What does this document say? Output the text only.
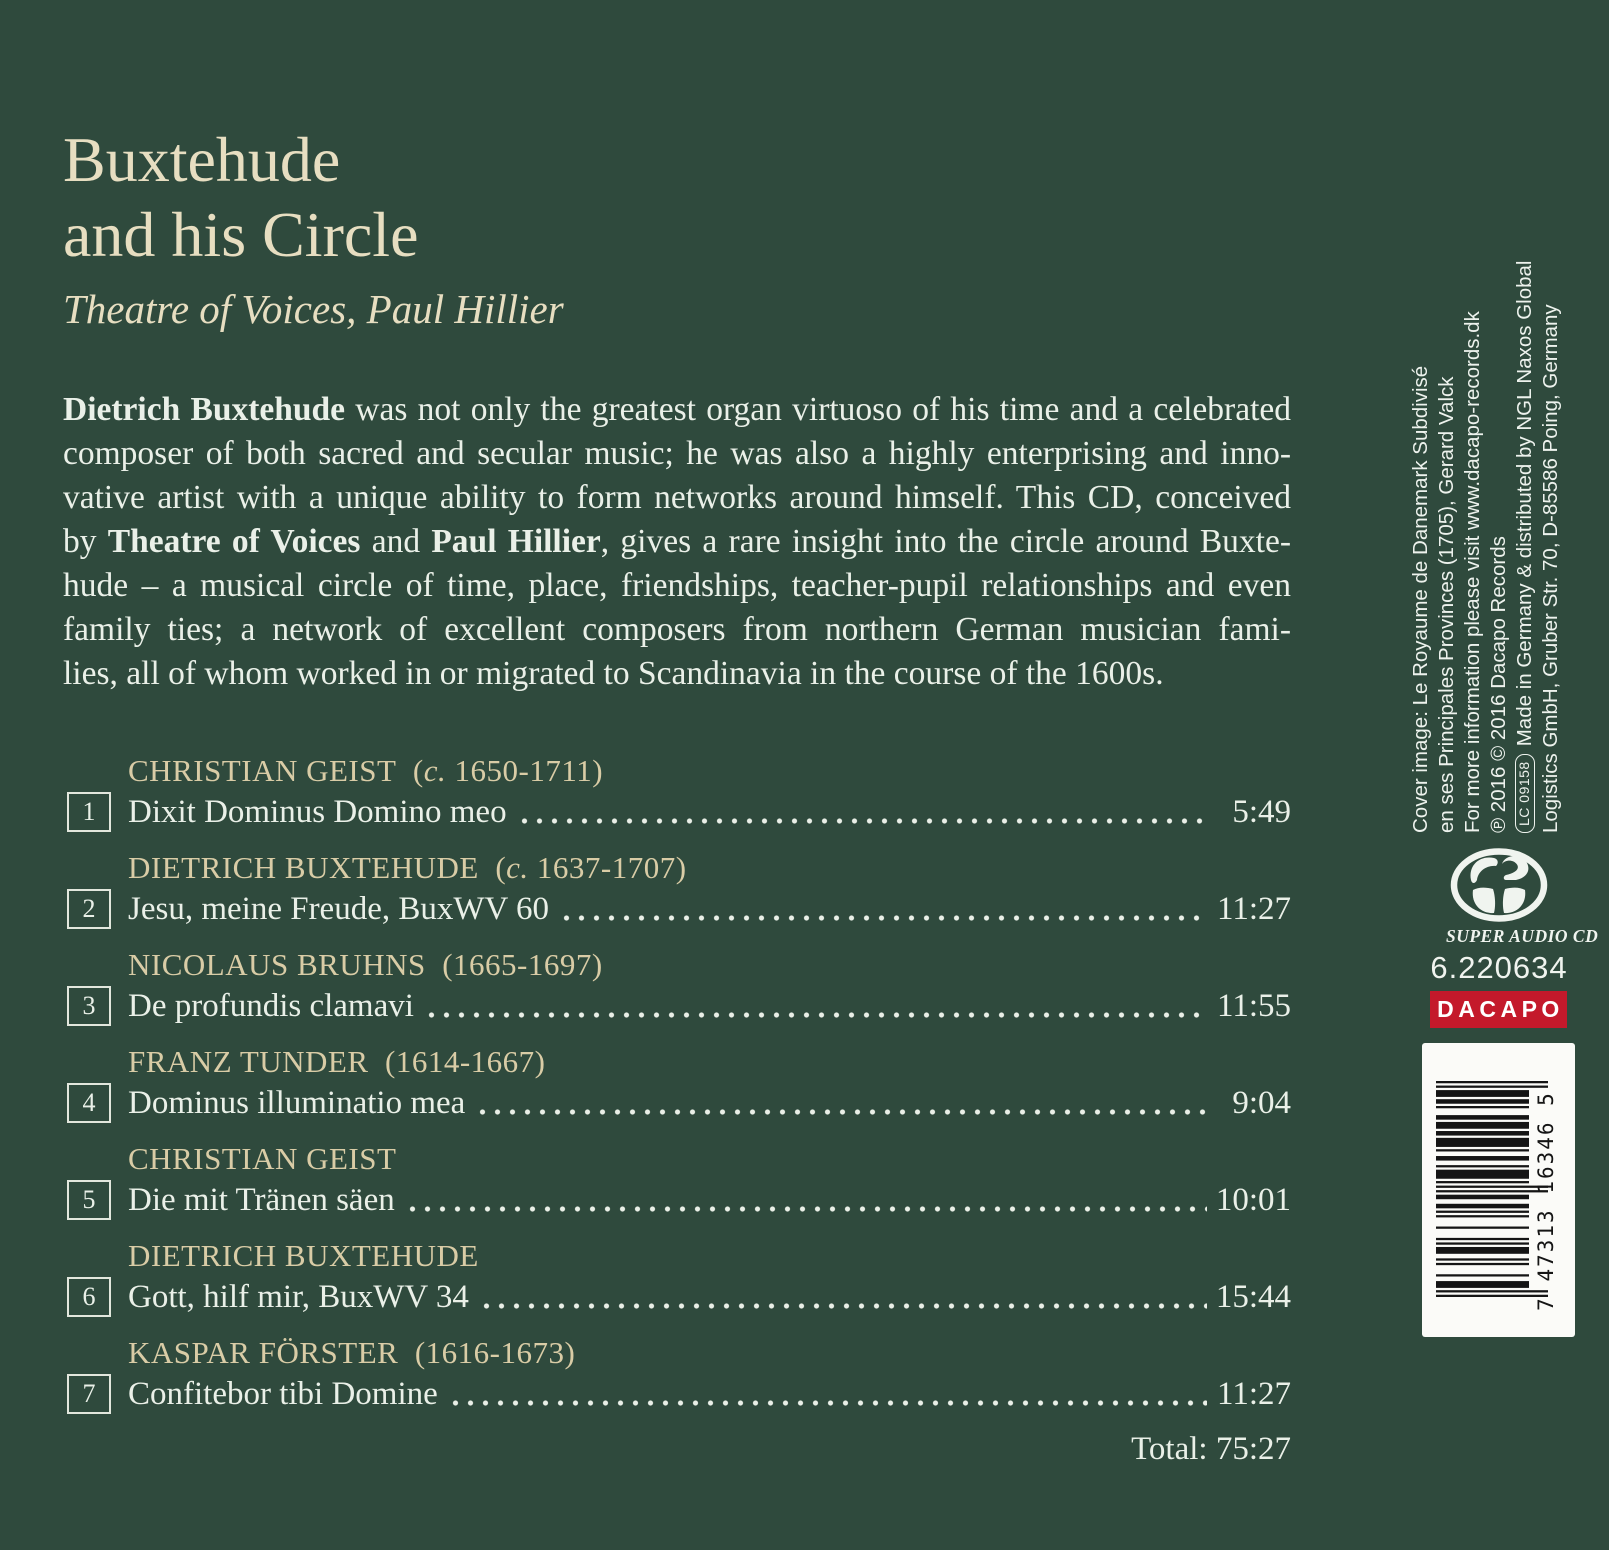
Buxtehude
and his Circle
Theatre of Voices, Paul Hillier
Dietrich Buxtehude was not only the greatest organ virtuoso of his time and a celebrated
composer of both sacred and secular music; he was also a highly enterprising and inno-
vative artist with a unique ability to form networks around himself. This CD, conceived
by Theatre of Voices and Paul Hillier, gives a rare insight into the circle around Buxte-
hude – a musical circle of time, place, friendships, teacher-pupil relationships and even
family ties; a network of excellent composers from northern German musician fami-
lies, all of whom worked in or migrated to Scandinavia in the course of the 1600s.
CHRISTIAN GEIST  (c. 1650-1711)
1 Dixit Dominus Domino meo	5:49
DIETRICH BUXTEHUDE  (c. 1637-1707)
2 Jesu, meine Freude, BuxWV 60	11:27
NICOLAUS BRUHNS  (1665-1697)
3 De profundis clamavi	11:55
FRANZ TUNDER  (1614-1667)
4 Dominus illuminatio mea	9:04
CHRISTIAN GEIST
5 Die mit Tränen säen	10:01
DIETRICH BUXTEHUDE
6 Gott, hilf mir, BuxWV 34	15:44
KASPAR FÖRSTER  (1616-1673)
7 Confitebor tibi Domine	11:27
Total: 75:27
Cover image: Le Royaume de Danemark Subdivisé en ses Principales Provinces (1705), Gerard Valck For more information please visit www.dacapo-records.dk ℗ 2016 © 2016 Dacapo Records LC 09158Made in Germany & distributed by NGL Naxos Global Logistics GmbH, Gruber Str. 70, D-85586 Poing, Germany
SUPER AUDIO CD
6.220634
DACAPO
7 47313 16346 5
